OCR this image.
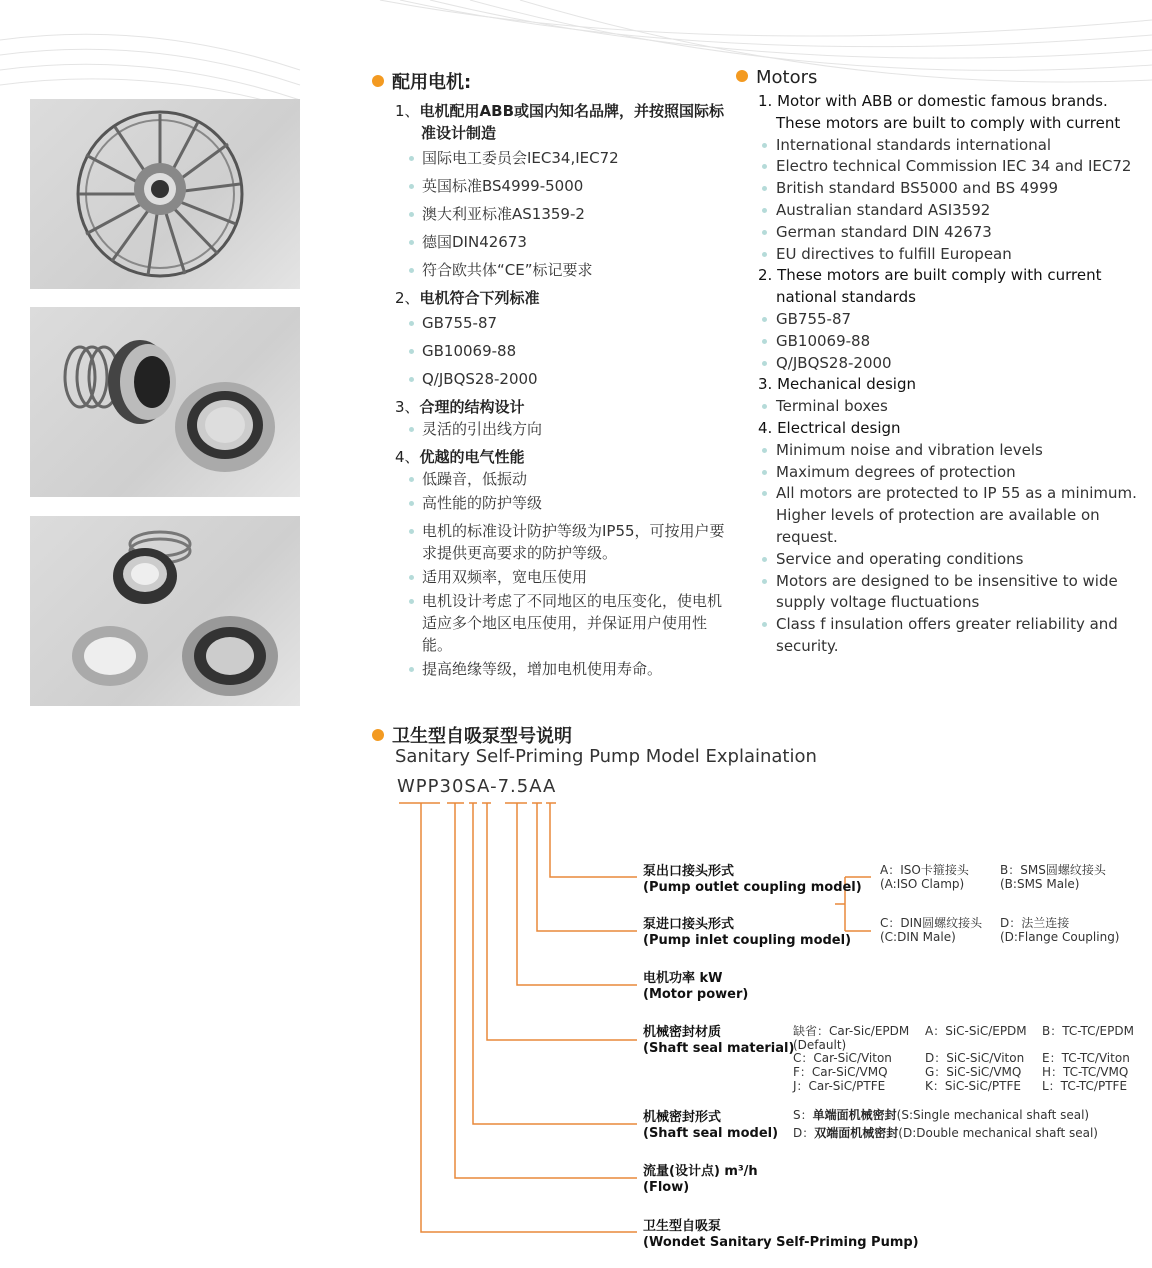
配用电机:
1、电机配用ABB或国内知名品牌，并按照国际标准设计制造
国际电工委员会IEC34,IEC72
英国标准BS4999-5000
澳大利亚标准AS1359-2
德国DIN42673
符合欧共体“CE”标记要求
2、电机符合下列标准
GB755-87
GB10069-88
Q/JBQS28-2000
3、合理的结构设计
灵活的引出线方向
4、优越的电气性能
低躁音，低振动
高性能的防护等级
电机的标准设计防护等级为IP55，可按用户要求提供更高要求的防护等级。
适用双频率，宽电压使用
电机设计考虑了不同地区的电压变化，使电机适应多个地区电压使用，并保证用户使用性能。
提高绝缘等级，增加电机使用寿命。
Motors
1. Motor with ABB or domestic famous brands. These motors are built to comply with current
International standards international
Electro technical Commission IEC 34 and IEC72
British standard BS5000 and BS 4999
Australian standard ASI3592
German standard DIN 42673
EU directives to fulfill European
2. These motors are built comply with current national standards
GB755-87
GB10069-88
Q/JBQS28-2000
3. Mechanical design
Terminal boxes
4. Electrical design
Minimum noise and vibration levels
Maximum degrees of protection
All motors are protected to IP 55 as a minimum. Higher levels of protection are available on request.
Service and operating conditions
Motors are designed to be insensitive to wide supply voltage fluctuations
Class f insulation offers greater reliability and security.
卫生型自吸泵型号说明
Sanitary Self-Priming Pump Model Explaination
WPP30SA-7.5AA
泵出口接头形式
(Pump outlet coupling model)
泵进口接头形式
(Pump inlet coupling model)
电机功率 kW
(Motor power)
机械密封材质
(Shaft seal material)
机械密封形式
(Shaft seal model)
流量(设计点) m³/h
(Flow)
卫生型自吸泵
(Wondet Sanitary Self-Priming Pump)
A：ISO卡箍接头
(A:ISO Clamp)
B：SMS圆螺纹接头
(B:SMS Male)
C：DIN圆螺纹接头
(C:DIN Male)
D：法兰连接
(D:Flange Coupling)
缺省：Car-Sic/EPDM
(Default)
A：SiC-SiC/EPDM B：TC-TC/EPDM
C：Car-SiC/Viton	D：SiC-SiC/Viton E：TC-TC/Viton
F：Car-SiC/VMQ	G：SiC-SiC/VMQ H：TC-TC/VMQ
J：Car-SiC/PTFE	K：SiC-SiC/PTFE L：TC-TC/PTFE
S：单端面机械密封(S:Single mechanical shaft seal)
D：双端面机械密封(D:Double mechanical shaft seal)
